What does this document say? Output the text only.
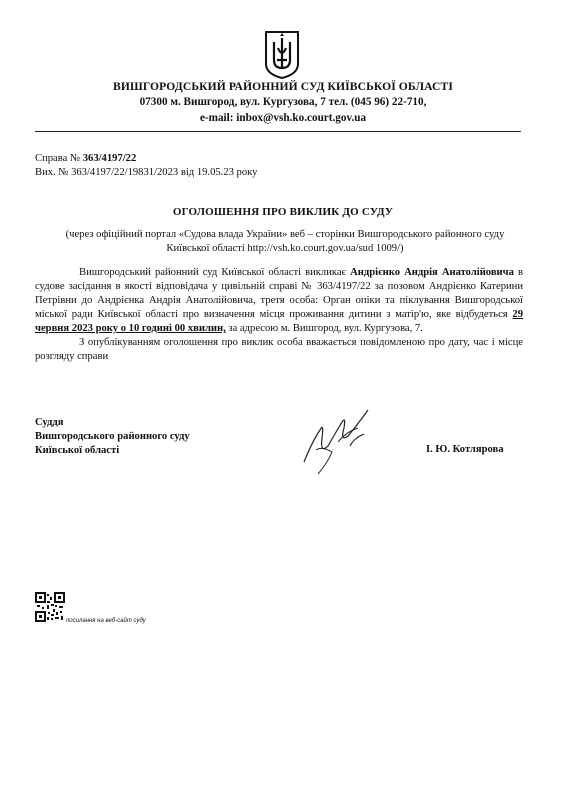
ВИШГОРОДСЬКИЙ РАЙОННИЙ СУД КИЇВСЬКОЇ ОБЛАСТІ
07300 м. Вишгород, вул. Кургузова, 7 тел. (045 96) 22-710,
e-mail: inbox@vsh.ko.court.gov.ua
Справа № 363/4197/22
Вих. № 363/4197/22/19831/2023 від 19.05.23 року
ОГОЛОШЕННЯ ПРО ВИКЛИК ДО СУДУ
(через офіційний портал «Судова влада України» веб – сторінки Вишгородського районного суду
Київської області http://vsh.ko.court.gov.ua/sud 1009/)

Вишгородський районний суд Київської області викликає Андрієнко Андрія Анатолійовича в судове засідання в якості відповідача у цивільній справі № 363/4197/22 за позовом Андрієнко Катерини Петрівни до Андрієнка Андрія Анатолійовича, третя особа: Орган опіки та піклування Вишгородської міської ради Київської області про визначення місця проживання дитини з матір'ю, яке відбудеться 29 червня 2023 року о 10 годині 00 хвилин, за адресою м. Вишгород, вул. Кургузова, 7.

З опублікуванням оголошення про виклик особа вважається повідомленою про дату, час і місце розгляду справи

Суддя
Вишгородського районного суду
Київської області	І. Ю. Котлярова
посилання на веб-сайт суду
